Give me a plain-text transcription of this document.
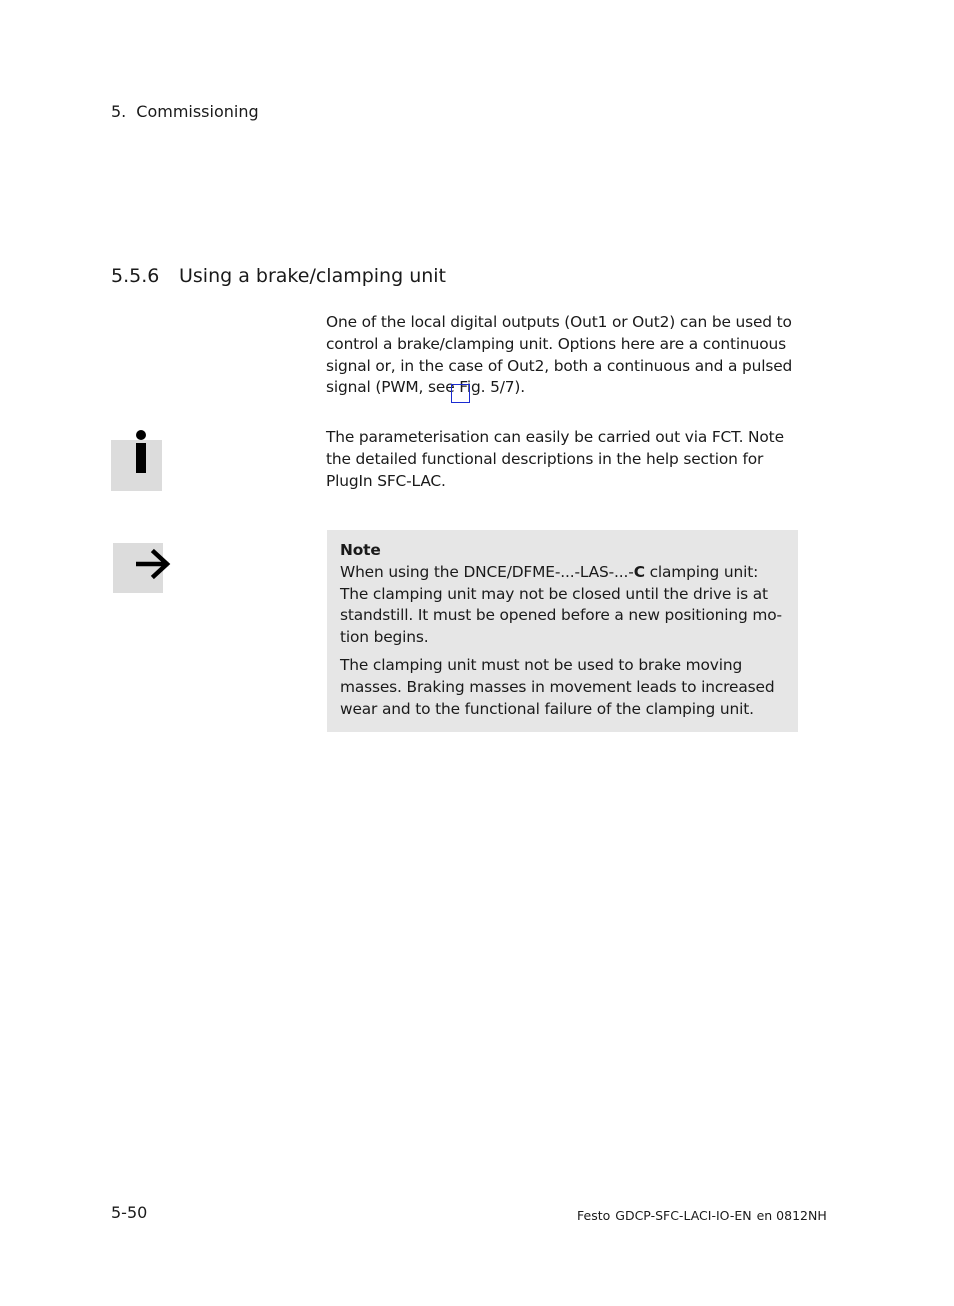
5. Commissioning
5.5.6 Using a brake/clamping unit
One of the local digital outputs (Out1 or Out2) can be used to control a brake/clamping unit. Options here are a continuous signal or, in the case of Out2, both a continuous and a pulsed signal (PWM, see Fig. 5/7).
The parameterisation can easily be carried out via FCT. Note the detailed functional descriptions in the help section for PlugIn SFC-LAC.
Note
When using the DNCE/DFME-...-LAS-...-C clamping unit:
The clamping unit may not be closed until the drive is at standstill. It must be opened before a new positioning motion begins.
The clamping unit must not be used to brake moving masses. Braking masses in movement leads to increased wear and to the functional failure of the clamping unit.
5-50	Festo GDCP-SFC-LACI-IO-EN en 0812NH
